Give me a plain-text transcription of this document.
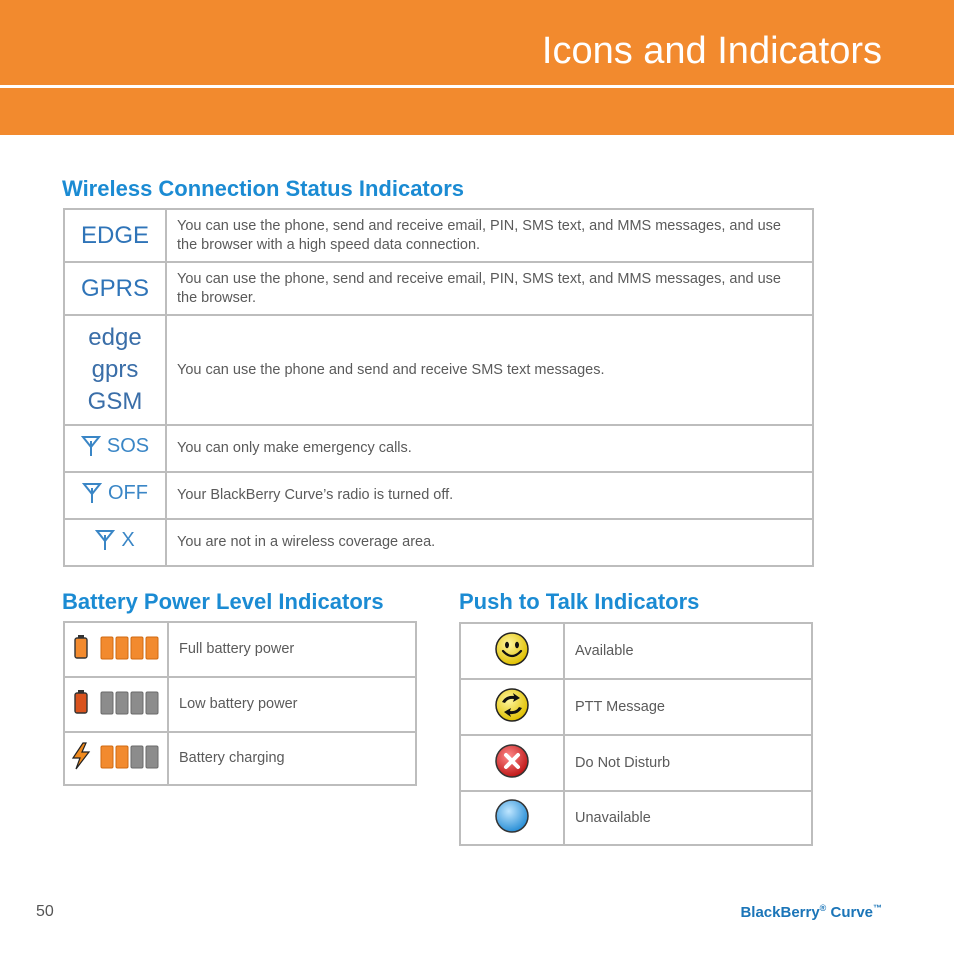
Icons and Indicators
Wireless Connection Status Indicators
EDGE	You can use the phone, send and receive email, PIN, SMS text, and MMS messages, and use the browser with a high speed data connection.

GPRS	You can use the phone, send and receive email, PIN, SMS text, and MMS messages, and use the browser.

edge
gprs
GSM	You can use the phone and send and receive SMS text messages.

SOS	You can only make emergency calls.

OFF	Your BlackBerry Curve’s radio is turned off.

X	You are not in a wireless coverage area.
Battery Power Level Indicators
	Full battery power
	Low battery power
	Battery charging
Push to Talk Indicators
	Available
	PTT Message
	Do Not Disturb
	Unavailable
50	BlackBerry® Curve™
